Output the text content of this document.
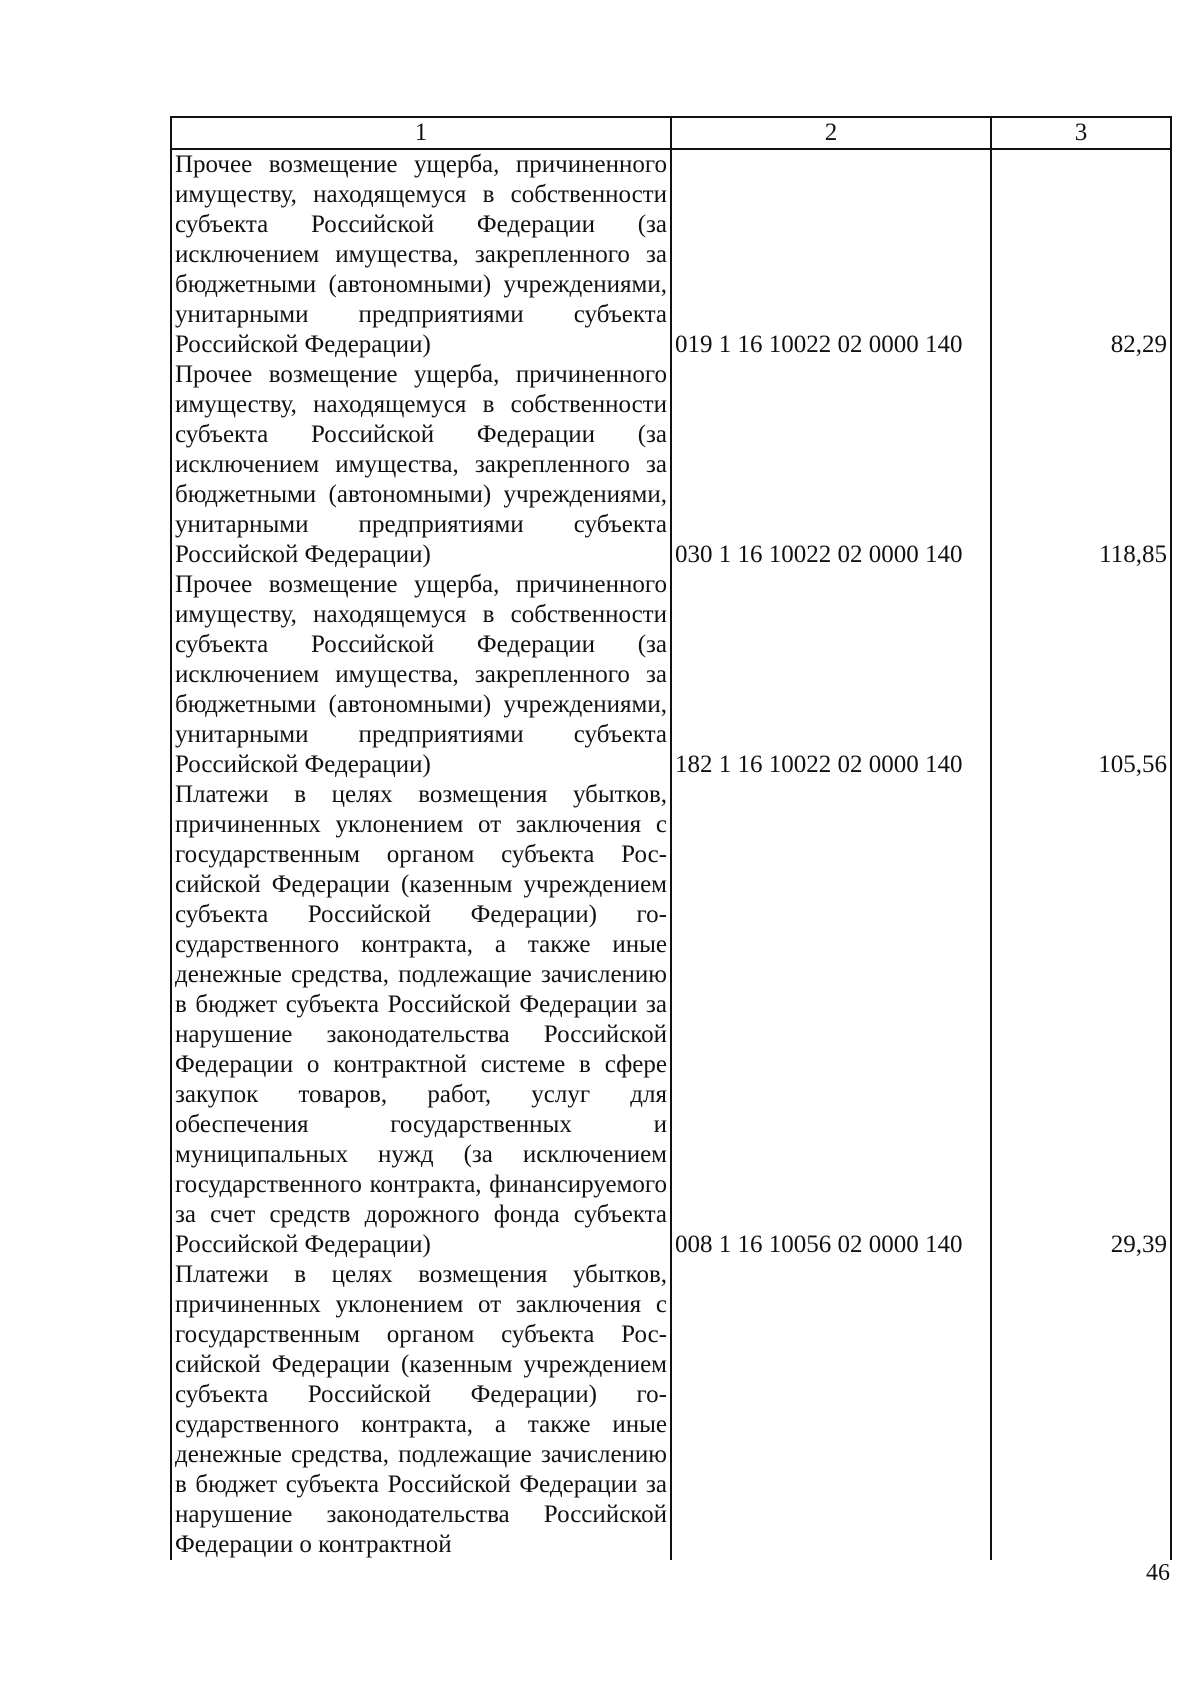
1	2	3
Прочее возмещение ущерба, причиненного имуществу, находящемуся в собственности субъекта Российской Федерации (за исключением имущества, закрепленного за бюджетными (автономными) учреждениями, унитарными предприятиями субъекта Российской Федерации)	019 1 16 10022 02 0000 140	82,29
Прочее возмещение ущерба, причиненного имуществу, находящемуся в собственности субъекта Российской Федерации (за исключением имущества, закрепленного за бюджетными (автономными) учреждениями, унитарными предприятиями субъекта Российской Федерации)	030 1 16 10022 02 0000 140	118,85
Прочее возмещение ущерба, причиненного имуществу, находящемуся в собственности субъекта Российской Федерации (за исключением имущества, закрепленного за бюджетными (автономными) учреждениями, унитарными предприятиями субъекта Российской Федерации)	182 1 16 10022 02 0000 140	105,56
Платежи в целях возмещения убытков, причиненных уклонением от заключения с государственным органом субъекта Российской Федерации (казенным учреждением субъекта Российской Федерации) государственного контракта, а также иные денежные средства, подлежащие зачислению в бюджет субъекта Российской Федерации за нарушение законодательства Российской Федерации о контрактной системе в сфере закупок товаров, работ, услуг для обеспечения государственных и муниципальных нужд (за исключением государственного контракта, финансируемого за счет средств дорожного фонда субъекта Российской Федерации)	008 1 16 10056 02 0000 140	29,39
Платежи в целях возмещения убытков, причиненных уклонением от заключения с государственным органом субъекта Российской Федерации (казенным учреждением субъекта Российской Федерации) государственного контракта, а также иные денежные средства, подлежащие зачислению в бюджет субъекта Российской Федерации за нарушение законодательства Российской Федерации о контрактной		
46
